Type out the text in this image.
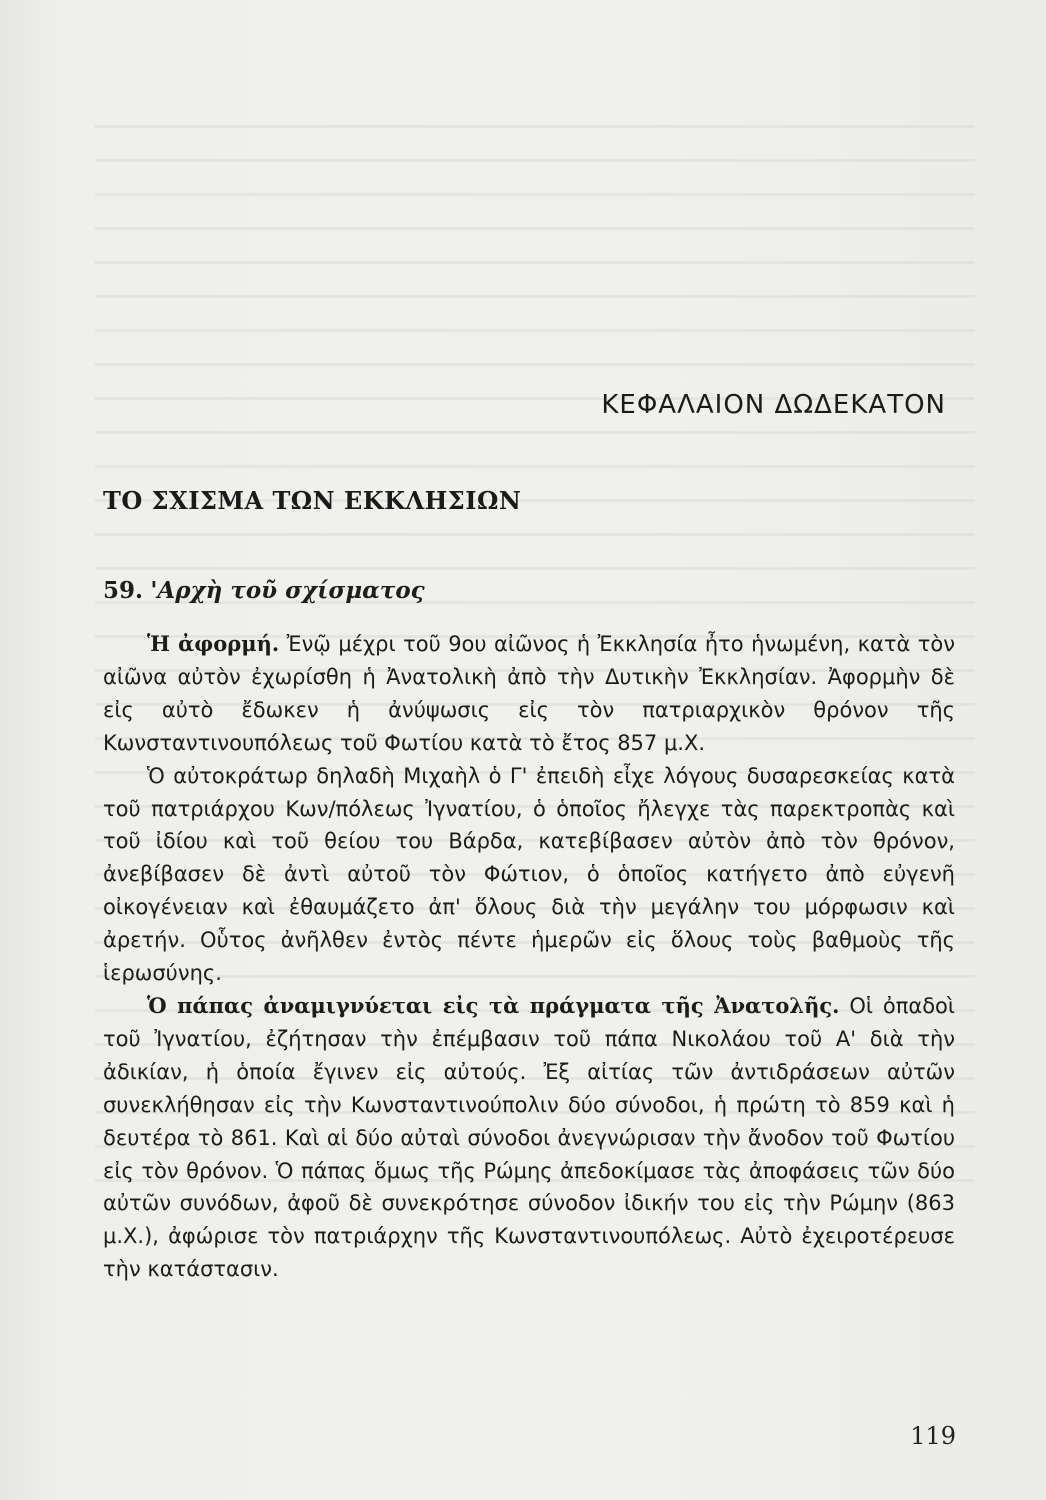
ΚΕΦΑΛΑΙΟΝ ΔΩΔΕΚΑΤΟΝ
ΤΟ ΣΧΙΣΜΑ ΤΩΝ ΕΚΚΛΗΣΙΩΝ
59. 'Αρχὴ τοῦ σχίσματος

Ἡ ἀφορμή. Ἐνῷ μέχρι τοῦ 9ου αἰῶνος ἡ Ἐκκλησία ἦτο ἡνωμένη, κατὰ τὸν αἰῶνα αὐτὸν ἐχωρίσθη ἡ Ἀνατολικὴ ἀπὸ τὴν Δυτικὴν Ἐκκλησίαν. Ἀφορμὴν δὲ εἰς αὐτὸ ἔδωκεν ἡ ἀνύψωσις εἰς τὸν πατριαρχικὸν θρόνον τῆς Κωνσταντινουπόλεως τοῦ Φωτίου κατὰ τὸ ἔτος 857 μ.Χ.

Ὁ αὐτοκράτωρ δηλαδὴ Μιχαὴλ ὁ Γ' ἐπειδὴ εἶχε λόγους δυσαρεσκείας κατὰ τοῦ πατριάρχου Κων/πόλεως Ἰγνατίου, ὁ ὁποῖος ἤλεγχε τὰς παρεκτροπὰς καὶ τοῦ ἰδίου καὶ τοῦ θείου του Βάρδα, κατεβίβασεν αὐτὸν ἀπὸ τὸν θρόνον, ἀνεβίβασεν δὲ ἀντὶ αὐτοῦ τὸν Φώτιον, ὁ ὁποῖος κατήγετο ἀπὸ εὐγενῆ οἰκογένειαν καὶ ἐθαυμάζετο ἀπ' ὅλους διὰ τὴν μεγάλην του μόρφωσιν καὶ ἀρετήν. Οὗτος ἀνῆλθεν ἐντὸς πέντε ἡμερῶν εἰς ὅλους τοὺς βαθμοὺς τῆς ἱερωσύνης.

Ὁ πάπας ἀναμιγνύεται εἰς τὰ πράγματα τῆς Ἀνατολῆς. Οἱ ὀπαδοὶ τοῦ Ἰγνατίου, ἐζήτησαν τὴν ἐπέμβασιν τοῦ πάπα Νικολάου τοῦ Α' διὰ τὴν ἀδικίαν, ἡ ὁποία ἔγινεν εἰς αὐτούς. Ἐξ αἰτίας τῶν ἀντιδράσεων αὐτῶν συνεκλήθησαν εἰς τὴν Κωνσταντινούπολιν δύο σύνοδοι, ἡ πρώτη τὸ 859 καὶ ἡ δευτέρα τὸ 861. Καὶ αἱ δύο αὐταὶ σύνοδοι ἀνεγνώρισαν τὴν ἄνοδον τοῦ Φωτίου εἰς τὸν θρόνον. Ὁ πάπας ὅμως τῆς Ρώμης ἀπεδοκίμασε τὰς ἀποφάσεις τῶν δύο αὐτῶν συνόδων, ἀφοῦ δὲ συνεκρότησε σύνοδον ἰδικήν του εἰς τὴν Ρώμην (863 μ.Χ.), ἀφώρισε τὸν πατριάρχην τῆς Κωνσταντινουπόλεως. Αὐτὸ ἐχειροτέρευσε τὴν κατάστασιν.

119
